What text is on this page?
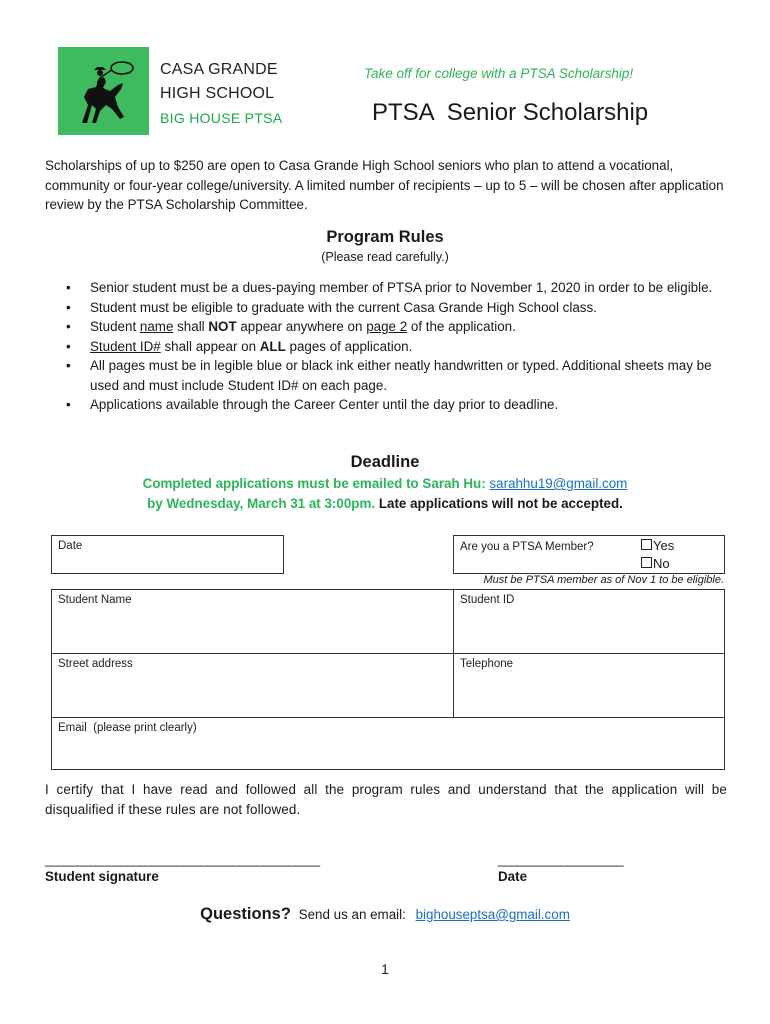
CASA GRANDE
HIGH SCHOOL
BIG HOUSE PTSA
Take off for college with a PTSA Scholarship!
PTSA  Senior Scholarship
Scholarships of up to $250 are open to Casa Grande High School seniors who plan to attend a vocational, community or four-year college/university. A limited number of recipients – up to 5 – will be chosen after application review by the PTSA Scholarship Committee.
Program Rules
(Please read carefully.)
• Senior student must be a dues-paying member of PTSA prior to November 1, 2020 in order to be eligible.
• Student must be eligible to graduate with the current Casa Grande High School class.
• Student name shall NOT appear anywhere on page 2 of the application.
• Student ID# shall appear on ALL pages of application.
• All pages must be in legible blue or black ink either neatly handwritten or typed. Additional sheets may be used and must include Student ID# on each page.
• Applications available through the Career Center until the day prior to deadline.
Deadline
Completed applications must be emailed to Sarah Hu: sarahhu19@gmail.com
by Wednesday, March 31 at 3:00pm. Late applications will not be accepted.
Date	Are you a PTSA Member?	Yes
No
Must be PTSA member as of Nov 1 to be eligible.
Student Name	Student ID
Street address	Telephone
Email  (please print clearly)
I certify that I have read and followed all the program rules and understand that the application will be disqualified if these rules are not followed.
____________________________________________	____________________
Student signature	Date
Questions? Send us an email: bighouseptsa@gmail.com
1
